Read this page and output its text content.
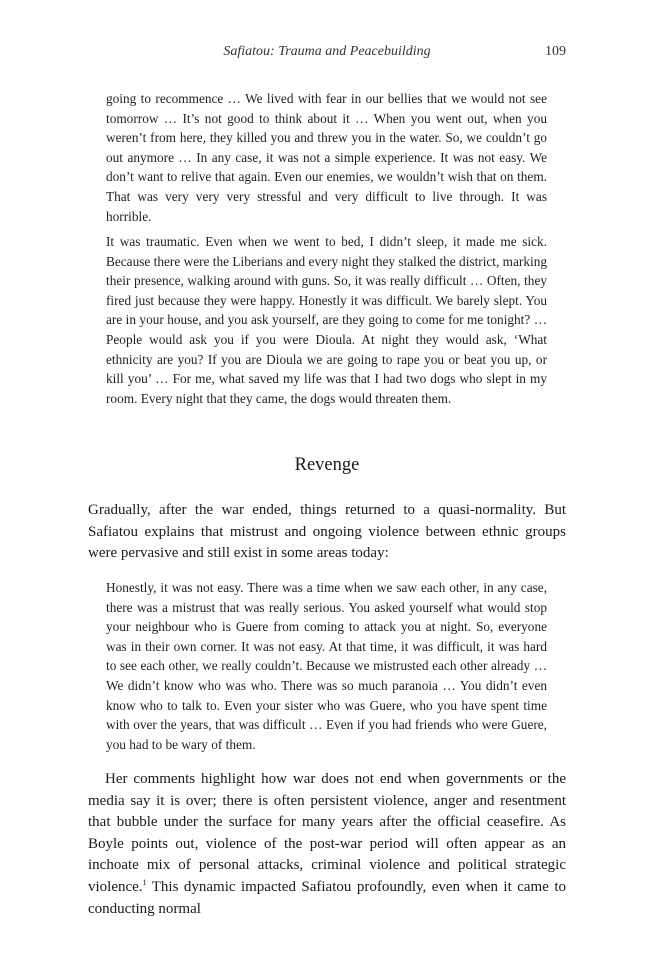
Safiatou: Trauma and Peacebuilding	109

going to recommence … We lived with fear in our bellies that we would not see tomorrow … It’s not good to think about it … When you went out, when you weren’t from here, they killed you and threw you in the water. So, we couldn’t go out anymore … In any case, it was not a simple experience. It was not easy. We don’t want to relive that again. Even our enemies, we wouldn’t wish that on them. That was very very very stressful and very difficult to live through. It was horrible.

It was traumatic. Even when we went to bed, I didn’t sleep, it made me sick. Because there were the Liberians and every night they stalked the district, marking their presence, walking around with guns. So, it was really difficult … Often, they fired just because they were happy. Honestly it was difficult. We barely slept. You are in your house, and you ask yourself, are they going to come for me tonight? … People would ask you if you were Dioula. At night they would ask, ‘What ethnicity are you? If you are Dioula we are going to rape you or beat you up, or kill you’ … For me, what saved my life was that I had two dogs who slept in my room. Every night that they came, the dogs would threaten them.

Revenge

Gradually, after the war ended, things returned to a quasi-normality. But Safiatou explains that mistrust and ongoing violence between ethnic groups were pervasive and still exist in some areas today:

Honestly, it was not easy. There was a time when we saw each other, in any case, there was a mistrust that was really serious. You asked yourself what would stop your neighbour who is Guere from coming to attack you at night. So, everyone was in their own corner. It was not easy. At that time, it was difficult, it was hard to see each other, we really couldn’t. Because we mistrusted each other already … We didn’t know who was who. There was so much paranoia … You didn’t even know who to talk to. Even your sister who was Guere, who you have spent time with over the years, that was difficult … Even if you had friends who were Guere, you had to be wary of them.

Her comments highlight how war does not end when governments or the media say it is over; there is often persistent violence, anger and resentment that bubble under the surface for many years after the official ceasefire. As Boyle points out, violence of the post-war period will often appear as an inchoate mix of personal attacks, criminal violence and political strategic violence.$^1$ This dynamic impacted Safiatou profoundly, even when it came to conducting normal
